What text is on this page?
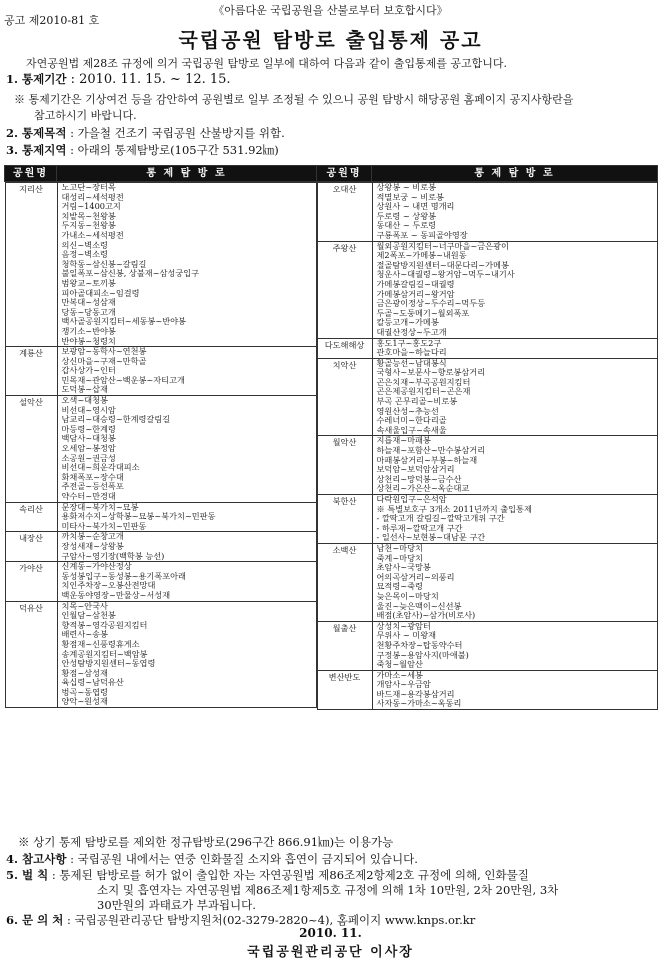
《아름다운 국립공원을 산불로부터 보호합시다》
공고 제2010-81 호
국립공원 탐방로 출입통제 공고
자연공원법 제28조 규정에 의거 국립공원 탐방로 일부에 대하여 다음과 같이 출입통제를 공고합니다.
1. 통제기간 : 2010. 11. 15. ~ 12. 15.
※ 통제기간은 기상여건 등을 감안하여 공원별로 일부 조정될 수 있으니 공원 탐방시 해당공원 홈페이지 공지사항란을
참고하시기 바랍니다.
2. 통제목적 : 가을철 건조기 국립공원 산불방지를 위함.
3. 통제지역 : 아래의 통제탐방로(105구간 531.92㎞)
공원명	통 제 탐 방 로	공원명	통 제 탐 방 로

지리산	노고단~장터목
대성리~세석평전
거림~1400고지
치밭목~천왕봉
두지동~천왕봉
가내소~세석평전
의신~벽소령
음정~벽소령
청학동~삼신봉~갈림길
불일폭포~삼신봉, 상불재~삼성궁입구
범왕교~토끼봉
피아골대피소~임걸령
만복대~성삼재
당동~당동고개
백사골공원지킴터~세동봉~반야봉
쟁기소~반야봉
반야봉~청령치

계룡산	보광암~동학사~연천봉
상신마을~구재~만학골
갑사상가~인터
민목재~관암산~백운봉~자티고개
도덕봉~삽재

설악산	오색~대청봉
비선대~영시암
남교리~대승령~한계령갈림길
마등령~한계령
백담사~대청봉
오세암~봉정암
소공원~권금성
비선대~희운각대피소
화채폭포~장수대
주전골~등선폭포
약수터~만경대

속리산	문장대~북가치~묘봉
용화저수지~상학봉~묘봉~북가치~민판동
미타사~북가치~민판동

내장산	까치봉~순창고개
장성새재~상왕봉
구암사~영기장(백학봉 능선)

가야산	신계동~가야산정상
동성봉입구~동성봉~용기폭포아래
치인주차장~오봉산전망대
백운동야영장~만물상~서성재

덕유산	치목~안국사
인월담~삼천봉
향적봉~영각공원지킴터
배련사~송봉
황점재~신풍령휴게소
송계공원지킴터~백암봉
안성탐방지원센터~동엽령
황점~삼성재
육십령~남덕유산
벙곡~동엽령
양악~원성재

오대산	상왕봉 ~ 비로봉
적멸보궁 ~ 비로봉
상원사 ~ 내면 명개리
두로령 ~ 상왕봉
동대산 ~ 두로령
구룡폭포 ~ 동피골야영장

주왕산	월외공원지킴터~너구마을~금은광이
제2폭포~가메봉~내원동
절골탐방지원센터~대문다리~가메봉
청운사~대궐령~왕거암~먹두~내기사
가메봉갈림길~대궐령
가메봉삼거리~왕거암
금은광이정상~두수리~먹두등
두골~도둥메기~월외폭포
칼등고개~가메봉
대궐산정상~두고개

다도해해상	홍도1구~홍도2구
관호마을~하늘다리

치악산	황골능선~남대봉식
국형사~보문사~향로봉삼거리
곤은치재~부곡공원지킴터
곤은제공원지킴터~곤은재
부곡 곤무리골~비로봉
영원산성~추능선
수레너미~한다리골
속새울입구~속새울

월악산	지릅재~마패봉
하늘재~포함산~만수봉삼거리
마패봉삼거리~부봉~하늘재
보덕암~보덕암삼거리
상천리~망덕봉~금수산
상천리~가은산~옥순대교

북한산	다락원입구~은석암
※ 특별보호구 3개소 2011년까지 출입통제
- 깔딱고개 갈림길~깔딱고개위 구간
- 하루재~깔딱고개 구간
- 일선사~보현봉~대남문 구간

소백산	남천~마당치
죽계~마당치
초암사~국망봉
어의곡삼거리~의풍리
묘적령~죽령
늦은목이~마당치
울진~늦은맥이~신선봉
배점(초암사)~삼가(비로사)

월출산	상성치~광암터
무위사 ~ 미왕재
천황주차장~탑동약수터
구정봉~용암사지(마애불)
죽청~월암산

변산반도	가마소~세봉
개암사~우금암
바드재~용각봉삼거리
사자동~가마소~옥동리
※ 상기 통제 탐방로를 제외한 정규탐방로(296구간 866.91㎞)는 이용가능
4. 참고사항 : 국립공원 내에서는 연중 인화물질 소지와 흡연이 금지되어 있습니다.
5. 벌 칙 : 통제된 탐방로를 허가 없이 출입한 자는 자연공원법 제86조제2항제2호 규정에 의해, 인화물질
소지 및 흡연자는 자연공원법 제86조제1항제5호 규정에 의해 1차 10만원, 2차 20만원, 3차
30만원의 과태료가 부과됩니다.
2010. 11.
국립공원관리공단 이사장
6. 문 의 처 : 국립공원관리공단 탐방지원처(02-3279-2820~4), 홈페이지 www.knps.or.kr
